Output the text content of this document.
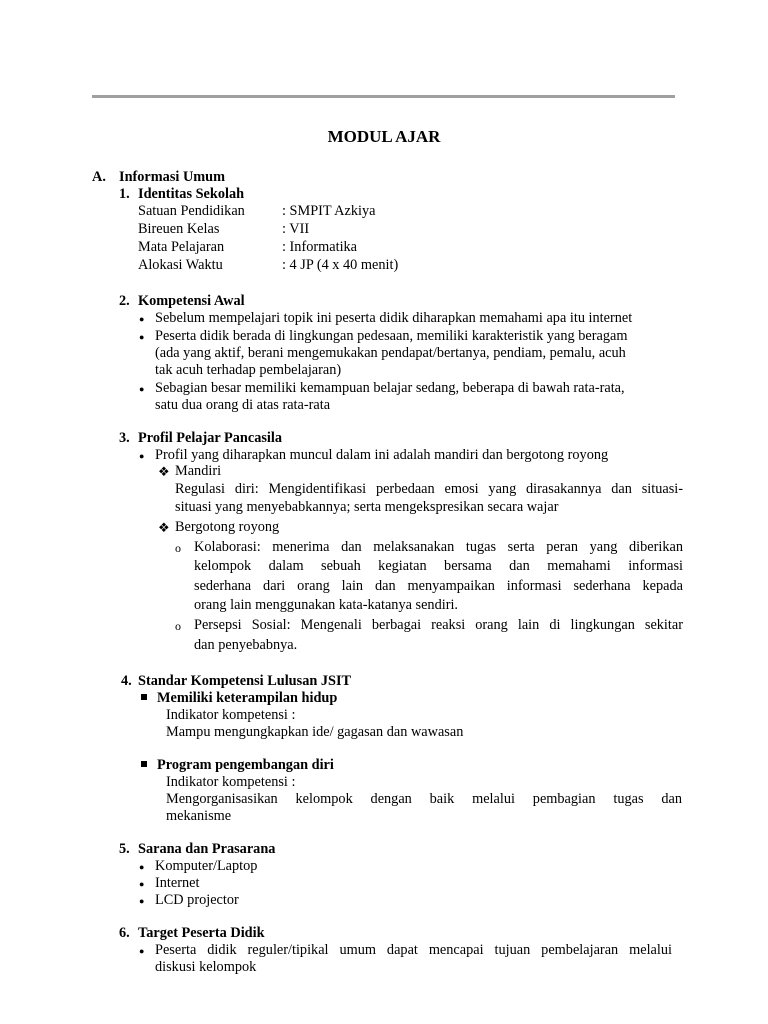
MODUL AJAR
A. Informasi Umum
1. Identitas Sekolah
Satuan Pendidikan	: SMPIT Azkiya
Bireuen Kelas	: VII
Mata Pelajaran	: Informatika
Alokasi Waktu	: 4 JP (4 x 40 menit)
2. Kompetensi Awal
● Sebelum mempelajari topik ini peserta didik diharapkan memahami apa itu internet
● Peserta didik berada di lingkungan pedesaan, memiliki karakteristik yang beragam
(ada yang aktif, berani mengemukakan pendapat/bertanya, pendiam, pemalu, acuh
tak acuh terhadap pembelajaran)
● Sebagian besar memiliki kemampuan belajar sedang, beberapa di bawah rata-rata,
satu dua orang di atas rata-rata
3. Profil Pelajar Pancasila
● Profil yang diharapkan muncul dalam ini adalah mandiri dan bergotong royong
❖ Mandiri
Regulasi diri: Mengidentifikasi perbedaan emosi yang dirasakannya dan situasi-
situasi yang menyebabkannya; serta mengekspresikan secara wajar
❖ Bergotong royong
o Kolaborasi: menerima dan melaksanakan tugas serta peran yang diberikan
kelompok dalam sebuah kegiatan bersama dan memahami informasi
sederhana dari orang lain dan menyampaikan informasi sederhana kepada
orang lain menggunakan kata-katanya sendiri.
o Persepsi Sosial: Mengenali berbagai reaksi orang lain di lingkungan sekitar
dan penyebabnya.
4. Standar Kompetensi Lulusan JSIT
Memiliki keterampilan hidup
Indikator kompetensi :
Mampu mengungkapkan ide/ gagasan dan wawasan
Program pengembangan diri
Indikator kompetensi :
Mengorganisasikan kelompok dengan baik melalui pembagian tugas dan
mekanisme
5. Sarana dan Prasarana
● Komputer/Laptop
● Internet
● LCD projector
6. Target Peserta Didik
● Peserta didik reguler/tipikal umum dapat mencapai tujuan pembelajaran melalui
diskusi kelompok
